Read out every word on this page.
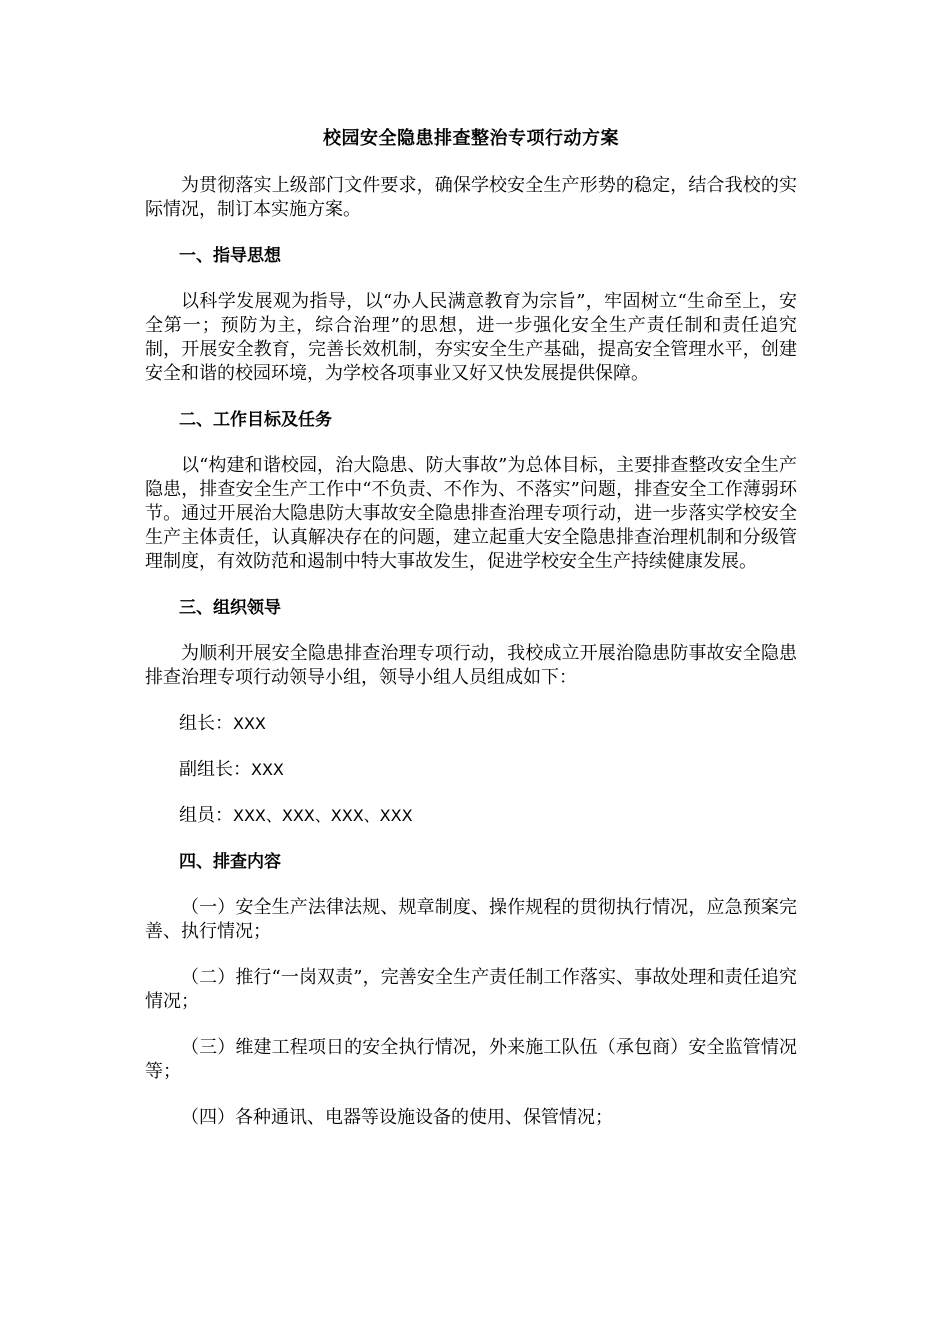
校园安全隐患排查整治专项行动方案

为贯彻落实上级部门文件要求，确保学校安全生产形势的稳定，结合我校的实际情况，制订本实施方案。

一、指导思想

以科学发展观为指导，以“办人民满意教育为宗旨”，牢固树立“生命至上，安全第一；预防为主，综合治理”的思想，进一步强化安全生产责任制和责任追究制，开展安全教育，完善长效机制，夯实安全生产基础，提高安全管理水平，创建安全和谐的校园环境，为学校各项事业又好又快发展提供保障。

二、工作目标及任务

以“构建和谐校园，治大隐患、防大事故”为总体目标，主要排查整改安全生产隐患，排查安全生产工作中“不负责、不作为、不落实”问题，排查安全工作薄弱环节。通过开展治大隐患防大事故安全隐患排查治理专项行动，进一步落实学校安全生产主体责任，认真解决存在的问题，建立起重大安全隐患排查治理机制和分级管理制度，有效防范和遏制中特大事故发生，促进学校安全生产持续健康发展。

三、组织领导

为顺利开展安全隐患排查治理专项行动，我校成立开展治隐患防事故安全隐患排查治理专项行动领导小组，领导小组人员组成如下：

组长：XXX

副组长：XXX

组员：XXX、XXX、XXX、XXX

四、排查内容

（一）安全生产法律法规、规章制度、操作规程的贯彻执行情况，应急预案完善、执行情况；

（二）推行“一岗双责”，完善安全生产责任制工作落实、事故处理和责任追究情况；

（三）维建工程项日的安全执行情况，外来施工队伍（承包商）安全监管情况等；

（四）各种通讯、电器等设施设备的使用、保管情况；
